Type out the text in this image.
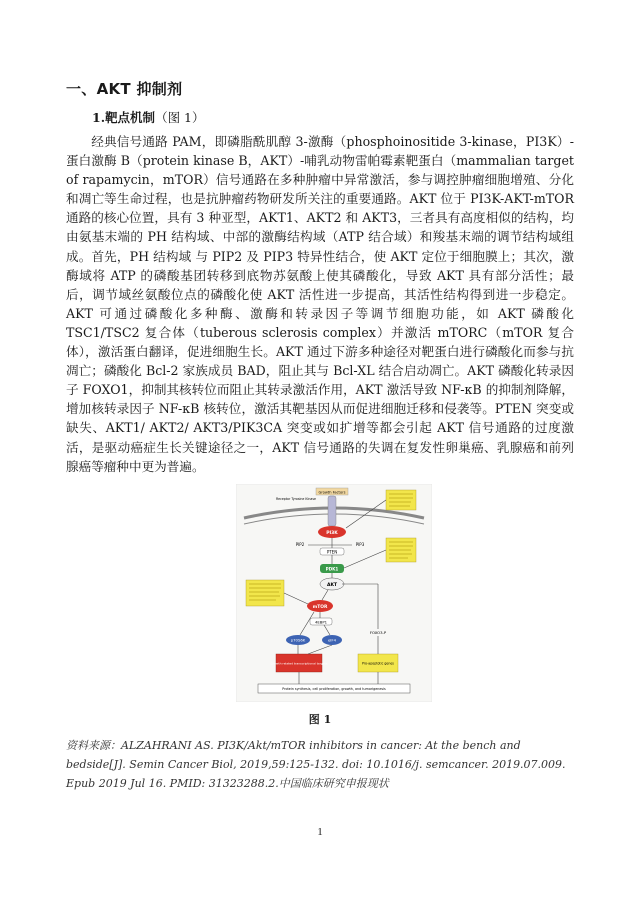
一、AKT 抑制剂
1.靶点机制（图 1）

经典信号通路 PAM，即磷脂酰肌醇 3-激酶（phosphoinositide 3-kinase，PI3K）-蛋白激酶 B（protein kinase B，AKT）-哺乳动物雷帕霉素靶蛋白（mammalian target of rapamycin，mTOR）信号通路在多种肿瘤中异常激活，参与调控肿瘤细胞增殖、分化和凋亡等生命过程，也是抗肿瘤药物研发所关注的重要通路。AKT 位于 PI3K-AKT-mTOR 通路的核心位置，具有 3 种亚型，AKT1、AKT2 和 AKT3，三者具有高度相似的结构，均由氨基末端的 PH 结构域、中部的激酶结构域（ATP 结合域）和羧基末端的调节结构域组成。首先，PH 结构域 与 PIP2 及 PIP3 特异性结合，使 AKT 定位于细胞膜上；其次，激酶域将 ATP 的磷酸基团转移到底物苏氨酸上使其磷酸化，导致 AKT 具有部分活性；最后，调节域丝氨酸位点的磷酸化使 AKT 活性进一步提高，其活性结构得到进一步稳定。AKT 可通过磷酸化多种酶、激酶和转录因子等调节细胞功能，如 AKT 磷酸化 TSC1/TSC2 复合体（tuberous sclerosis complex）并激活 mTORC（mTOR 复合体），激活蛋白翻译，促进细胞生长。AKT 通过下游多种途径对靶蛋白进行磷酸化而参与抗凋亡；磷酸化 Bcl-2 家族成员 BAD，阻止其与 Bcl-XL 结合启动凋亡。AKT 磷酸化转录因子 FOXO1，抑制其核转位而阻止其转录激活作用，AKT 激活导致 NF-κB 的抑制剂降解，增加核转录因子 NF-κB 核转位，激活其靶基因从而促进细胞迁移和侵袭等。PTEN 突变或缺失、AKT1/ AKT2/ AKT3/PIK3CA 突变或如扩增等都会引起 AKT 信号通路的过度激活，是驱动癌症生长关键途径之一，AKT 信号通路的失调在复发性卵巢癌、乳腺癌和前列腺癌等瘤种中更为普遍。

Growth Factors
Receptor Tyrosine Kinase
PI3K
PIP2	PIP3
PTEN
PDK1
AKT
mTOR
4EBP1
p70S6K	eIF4
FOXO3-P
Growth related transcriptional targets	Pro-apoptotic genes
Protein synthesis, cell proliferation, growth, and tumorigenesis
图 1

资料来源：ALZAHRANI AS. PI3K/Akt/mTOR inhibitors in cancer: At the bench and bedside[J]. Semin Cancer Biol, 2019,59:125-132. doi: 10.1016/j. semcancer. 2019.07.009. Epub 2019 Jul 16. PMID: 31323288.2.中国临床研究申报现状

1
